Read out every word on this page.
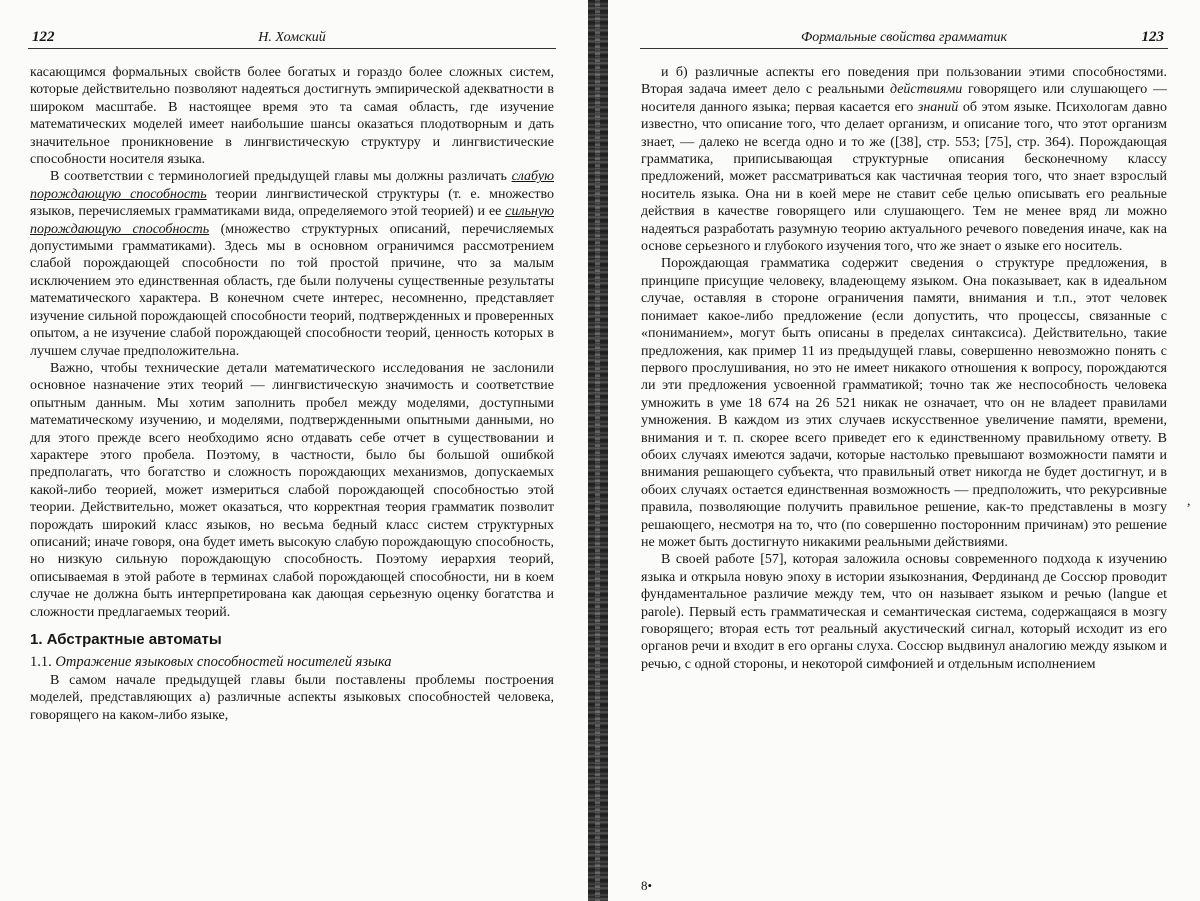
122	Н. Хомский	Формальные свойства грамматик	123

касающимся формальных свойств более богатых и гораздо более сложных систем, которые действительно позволяют надеяться достигнуть эмпирической адекватности в широком масштабе. В настоящее время это та самая область, где изучение математических моделей имеет наибольшие шансы оказаться плодотворным и дать значительное проникновение в лингвистическую структуру и лингвистические способности носителя языка.

В соответствии с терминологией предыдущей главы мы должны различать слабую порождающую способность теории лингвистической структуры (т. е. множество языков, перечисляемых грамматиками вида, определяемого этой теорией) и ее сильную порождающую способность (множество структурных описаний, перечисляемых допустимыми грамматиками). Здесь мы в основном ограничимся рассмотрением слабой порождающей способности по той простой причине, что за малым исключением это единственная область, где были получены существенные результаты математического характера. В конечном счете интерес, несомненно, представляет изучение сильной порождающей способности теорий, подтвержденных и проверенных опытом, а не изучение слабой порождающей способности теорий, ценность которых в лучшем случае предположительна.

Важно, чтобы технические детали математического исследования не заслонили основное назначение этих теорий — лингвистическую значимость и соответствие опытным данным. Мы хотим заполнить пробел между моделями, доступными математическому изучению, и моделями, подтвержденными опытными данными, но для этого прежде всего необходимо ясно отдавать себе отчет в существовании и характере этого пробела. Поэтому, в частности, было бы большой ошибкой предполагать, что богатство и сложность порождающих механизмов, допускаемых какой-либо теорией, может измериться слабой порождающей способностью этой теории. Действительно, может оказаться, что корректная теория грамматик позволит порождать широкий класс языков, но весьма бедный класс систем структурных описаний; иначе говоря, она будет иметь высокую слабую порождающую способность, но низкую сильную порождающую способность. Поэтому иерархия теорий, описываемая в этой работе в терминах слабой порождающей способности, ни в коем случае не должна быть интерпретирована как дающая серьезную оценку богатства и сложности предлагаемых теорий.

1. Абстрактные автоматы

1.1. Отражение языковых способностей носителей языка

В самом начале предыдущей главы были поставлены проблемы построения моделей, представляющих а) различные аспекты языковых способностей человека, говорящего на каком-либо языке,

и б) различные аспекты его поведения при пользовании этими способностями. Вторая задача имеет дело с реальными действиями говорящего или слушающего — носителя данного языка; первая касается его знаний об этом языке. Психологам давно известно, что описание того, что делает организм, и описание того, что этот организм знает, — далеко не всегда одно и то же ([38], стр. 553; [75], стр. 364). Порождающая грамматика, приписывающая структурные описания бесконечному классу предложений, может рассматриваться как частичная теория того, что знает взрослый носитель языка. Она ни в коей мере не ставит себе целью описывать его реальные действия в качестве говорящего или слушающего. Тем не менее вряд ли можно надеяться разработать разумную теорию актуального речевого поведения иначе, как на основе серьезного и глубокого изучения того, что же знает о языке его носитель.

Порождающая грамматика содержит сведения о структуре предложения, в принципе присущие человеку, владеющему языком. Она показывает, как в идеальном случае, оставляя в стороне ограничения памяти, внимания и т.п., этот человек понимает какое-либо предложение (если допустить, что процессы, связанные с «пониманием», могут быть описаны в пределах синтаксиса). Действительно, такие предложения, как пример 11 из предыдущей главы, совершенно невозможно понять с первого прослушивания, но это не имеет никакого отношения к вопросу, порождаются ли эти предложения усвоенной грамматикой; точно так же неспособность человека умножить в уме 18 674 на 26 521 никак не означает, что он не владеет правилами умножения. В каждом из этих случаев искусственное увеличение памяти, времени, внимания и т. п. скорее всего приведет его к единственному правильному ответу. В обоих случаях имеются задачи, которые настолько превышают возможности памяти и внимания решающего субъекта, что правильный ответ никогда не будет достигнут, и в обоих случаях остается единственная возможность — предположить, что рекурсивные правила, позволяющие получить правильное решение, как-то представлены в мозгу решающего, несмотря на то, что (по совершенно посторонним причинам) это решение не может быть достигнуто никакими реальными действиями.

В своей работе [57], которая заложила основы современного подхода к изучению языка и открыла новую эпоху в истории языкознания, Фердинанд де Соссюр проводит фундаментальное различие между тем, что он называет языком и речью (langue et parole). Первый есть грамматическая и семантическая система, содержащаяся в мозгу говорящего; вторая есть тот реальный акустический сигнал, который исходит из его органов речи и входит в его органы слуха. Соссюр выдвинул аналогию между языком и речью, с одной стороны, и некоторой симфонией и отдельным исполнением

8•
,
